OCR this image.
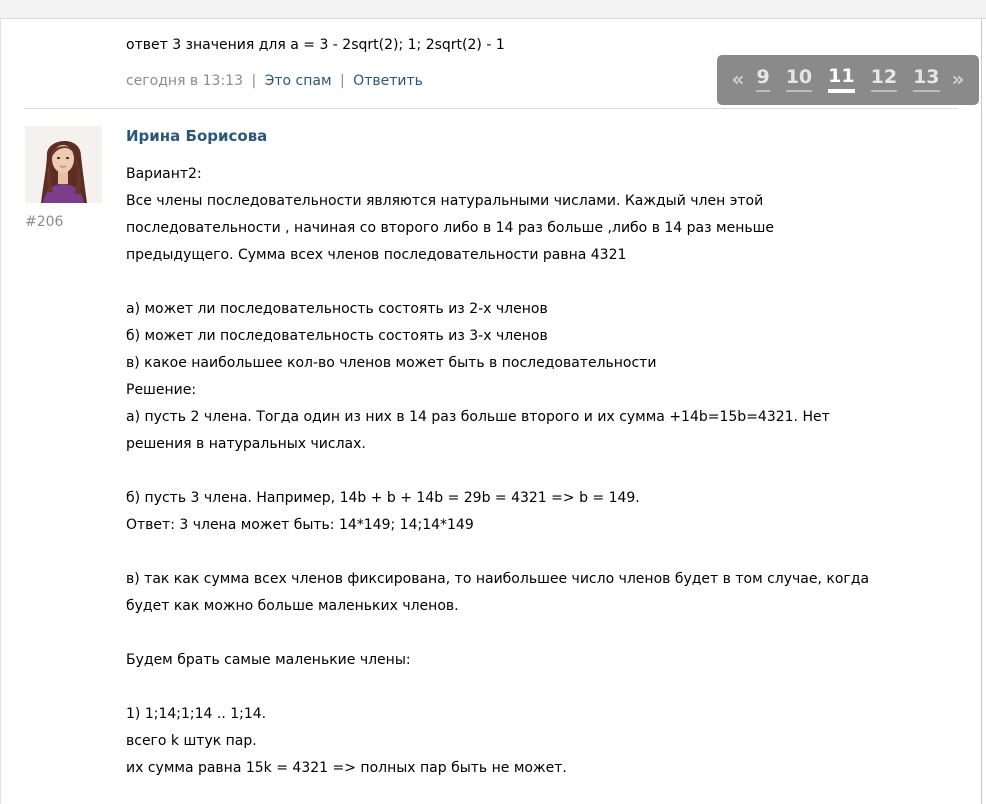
ответ 3 значения для a = 3 - 2sqrt(2); 1; 2sqrt(2) - 1
сегодня в 13:13 | Это спам | Ответить	« 9 10 11 12 13 »
#206
Ирина Борисова
Вариант2:
Все члены последовательности являются натуральными числами. Каждый член этой
последовательности , начиная со второго либо в 14 раз больше ,либо в 14 раз меньше
предыдущего. Сумма всех членов последовательности равна 4321
а) может ли последовательность состоять из 2-х членов
б) может ли последовательность состоять из 3-х членов
в) какое наибольшее кол-во членов может быть в последовательности
Решение:
а) пусть 2 члена. Тогда один из них в 14 раз больше второго и их сумма +14b=15b=4321. Нет
решения в натуральных числах.
б) пусть 3 члена. Например, 14b + b + 14b = 29b = 4321 => b = 149.
Ответ: 3 члена может быть: 14*149; 14;14*149
в) так как сумма всех членов фиксирована, то наибольшее число членов будет в том случае, когда
будет как можно больше маленьких членов.
Будем брать самые маленькие члены:
1) 1;14;1;14 .. 1;14.
всего k штук пар.
их сумма равна 15k = 4321 => полных пар быть не может.
